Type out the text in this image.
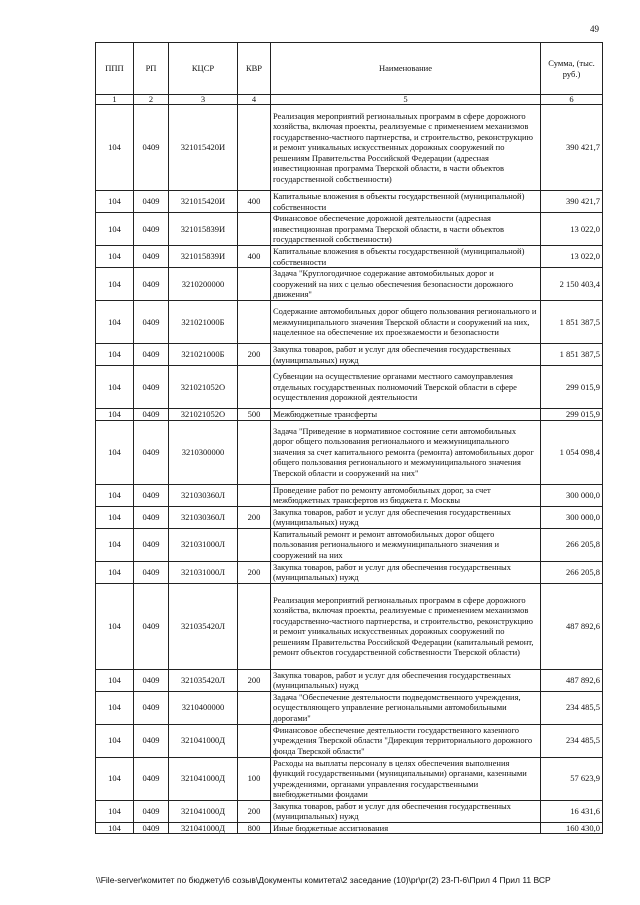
49
ППП	РП	КЦСР	КВР	Наименование	Сумма, (тыс. руб.)
1	2	3	4	5	6
104	0409	321015420И		Реализация мероприятий региональных программ в сфере дорожного хозяйства, включая проекты, реализуемые с применением механизмов государственно-частного партнерства, и строительство, реконструкцию и ремонт уникальных искусственных дорожных сооружений по решениям Правительства Российской Федерации (адресная инвестиционная программа Тверской области, в части объектов государственной собственности)	390 421,7
104	0409	321015420И	400	Капитальные вложения в объекты государственной (муниципальной) собственности	390 421,7
104	0409	321015839И		Финансовое обеспечение дорожной деятельности (адресная инвестиционная программа Тверской области, в части объектов государственной собственности)	13 022,0
104	0409	321015839И	400	Капитальные вложения в объекты государственной (муниципальной) собственности	13 022,0
104	0409	3210200000		Задача "Круглогодичное содержание автомобильных дорог и сооружений на них с целью обеспечения безопасности дорожного движения"	2 150 403,4
104	0409	321021000Б		Содержание автомобильных дорог общего пользования регионального и межмуниципального значения Тверской области и сооружений на них, нацеленное на обеспечение их проезжаемости и безопасности	1 851 387,5
104	0409	321021000Б	200	Закупка товаров, работ и услуг для обеспечения государственных (муниципальных) нужд	1 851 387,5
104	0409	321021052О		Субвенции на осуществление органами местного самоуправления отдельных государственных полномочий Тверской области в сфере осуществления дорожной деятельности	299 015,9
104	0409	321021052О	500	Межбюджетные трансферты	299 015,9
104	0409	3210300000		Задача "Приведение в нормативное состояние сети автомобильных дорог общего пользования регионального и межмуниципального значения за счет капитального ремонта (ремонта) автомобильных дорог общего пользования регионального и межмуниципального значения Тверской области и сооружений на них"	1 054 098,4
104	0409	321030360Л		Проведение работ по ремонту автомобильных дорог, за счет межбюджетных трансфертов из бюджета г. Москвы	300 000,0
104	0409	321030360Л	200	Закупка товаров, работ и услуг для обеспечения государственных (муниципальных) нужд	300 000,0
104	0409	321031000Л		Капитальный ремонт и ремонт автомобильных дорог общего пользования регионального и межмуниципального значения и сооружений на них	266 205,8
104	0409	321031000Л	200	Закупка товаров, работ и услуг для обеспечения государственных (муниципальных) нужд	266 205,8
104	0409	321035420Л		Реализация мероприятий региональных программ в сфере дорожного хозяйства, включая проекты, реализуемые с применением механизмов государственно-частного партнерства, и строительство, реконструкцию и ремонт уникальных искусственных дорожных сооружений по решениям Правительства Российской Федерации (капитальный ремонт, ремонт объектов государственной собственности Тверской области)	487 892,6
104	0409	321035420Л	200	Закупка товаров, работ и услуг для обеспечения государственных (муниципальных) нужд	487 892,6
104	0409	3210400000		Задача "Обеспечение деятельности подведомственного учреждения, осуществляющего управление региональными автомобильными дорогами"	234 485,5
104	0409	321041000Д		Финансовое обеспечение деятельности государственного казенного учреждения Тверской области "Дирекция территориального дорожного фонда Тверской области"	234 485,5
104	0409	321041000Д	100	Расходы на выплаты персоналу в целях обеспечения выполнения функций государственными (муниципальными) органами, казенными учреждениями, органами управления государственными внебюджетными фондами	57 623,9
104	0409	321041000Д	200	Закупка товаров, работ и услуг для обеспечения государственных (муниципальных) нужд	16 431,6
104	0409	321041000Д	800	Иные бюджетные ассигнования	160 430,0
\\File-server\комитет по бюджету\6 созыв\Документы комитета\2 заседание (10)\pr\pr(2) 23-П-6\Прил 4 Прил 11 ВСР
